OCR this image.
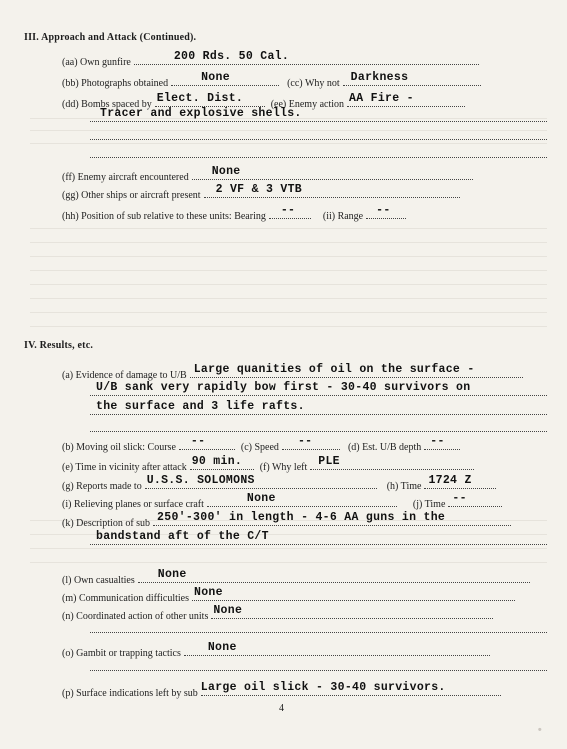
III. Approach and Attack (Continued).
(aa) Own gunfire	200 Rds. 50 Cal.
(bb) Photographs obtained	None	(cc) Why not Darkness
(dd) Bombs spaced by Elect. Dist.	(ee) Enemy action AA Fire -
Tracer and explosive shells.
(ff) Enemy aircraft encountered None
(gg) Other ships or aircraft present 2 VF & 3 VTB
(hh) Position of sub relative to these units: Bearing --	(ii) Range --
IV. Results, etc.
(a) Evidence of damage to U/B Large quanities of oil on the surface -
U/B sank very rapidly bow first - 30-40 survivors on
the surface and 3 life rafts.
(b) Moving oil slick: Course --	(c) Speed --	(d) Est. U/B depth --
(e) Time in vicinity after attack 90 min. (f) Why left PLE
(g) Reports made to U.S.S. SOLOMONS	(h) Time 1724 Z
(i) Relieving planes or surface craft	None	(j) Time --
(k) Description of sub 250'-300' in length - 4-6 AA guns in the
bandstand aft of the C/T
(l) Own casualties None
(m) Communication difficulties None
(n) Coordinated action of other units None
(o) Gambit or trapping tactics None
(p) Surface indications left by sub Large oil slick - 30-40 survivors.
4
·
